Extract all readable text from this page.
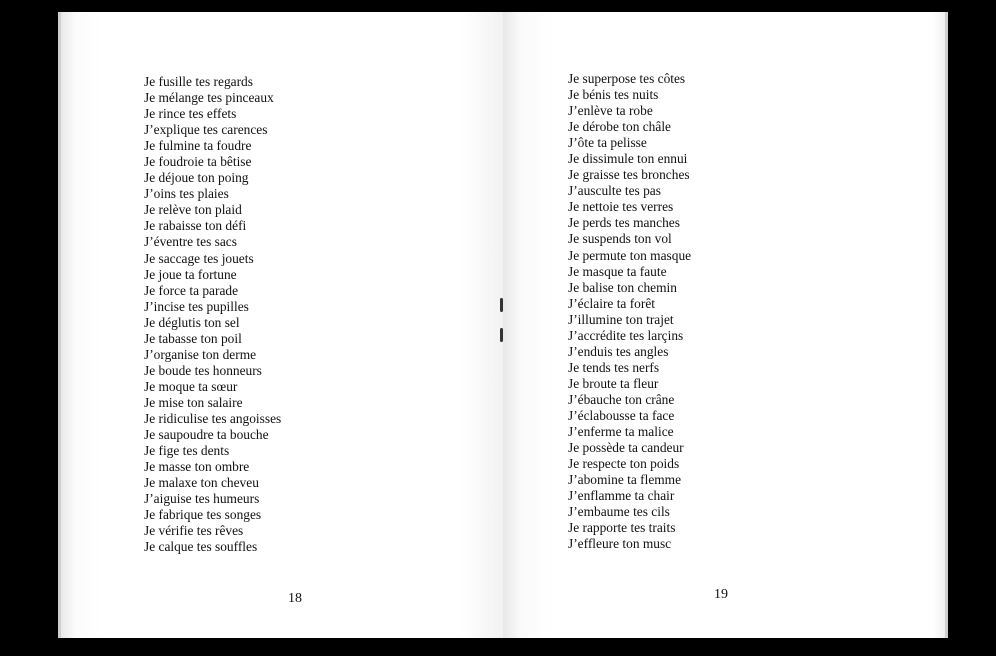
Je fusille tes regards
Je mélange tes pinceaux
Je rince tes effets
J’explique tes carences
Je fulmine ta foudre
Je foudroie ta bêtise
Je déjoue ton poing
J’oins tes plaies
Je relève ton plaid
Je rabaisse ton défi
J’éventre tes sacs
Je saccage tes jouets
Je joue ta fortune
Je force ta parade
J’incise tes pupilles
Je déglutis ton sel
Je tabasse ton poil
J’organise ton derme
Je boude tes honneurs
Je moque ta sœur
Je mise ton salaire
Je ridiculise tes angoisses
Je saupoudre ta bouche
Je fige tes dents
Je masse ton ombre
Je malaxe ton cheveu
J’aiguise tes humeurs
Je fabrique tes songes
Je vérifie tes rêves
Je calque tes souffles
18
Je superpose tes côtes
Je bénis tes nuits
J’enlève ta robe
Je dérobe ton châle
J’ôte ta pelisse
Je dissimule ton ennui
Je graisse tes bronches
J’ausculte tes pas
Je nettoie tes verres
Je perds tes manches
Je suspends ton vol
Je permute ton masque
Je masque ta faute
Je balise ton chemin
J’éclaire ta forêt
J’illumine ton trajet
J’accrédite tes larçins
J’enduis tes angles
Je tends tes nerfs
Je broute ta fleur
J’ébauche ton crâne
J’éclabousse ta face
J’enferme ta malice
Je possède ta candeur
Je respecte ton poids
J’abomine ta flemme
J’enflamme ta chair
J’embaume tes cils
Je rapporte tes traits
J’effleure ton musc
19
